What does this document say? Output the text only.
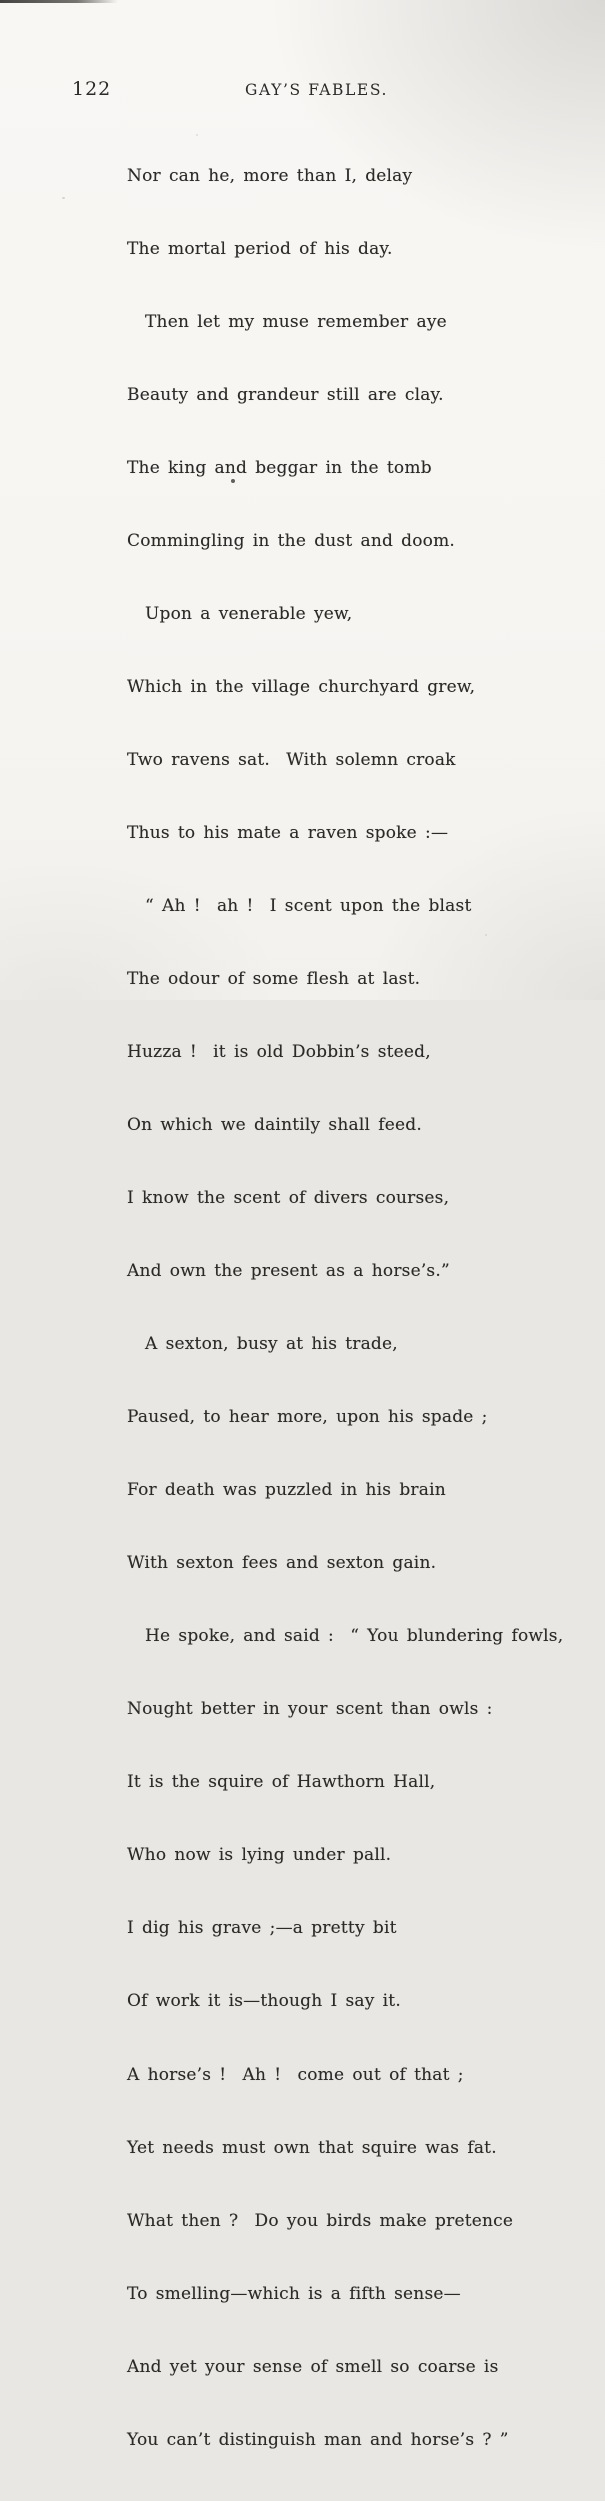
122	GAY’S FABLES.

Nor can he, more than I, delay

The mortal period of his day.

Then let my muse remember aye

Beauty and grandeur still are clay.

The king and beggar in the tomb

Commingling in the dust and doom.

Upon a venerable yew,

Which in the village churchyard grew,

Two ravens sat.  With solemn croak

Thus to his mate a raven spoke :—

“ Ah !  ah !  I scent upon the blast

The odour of some flesh at last.

Huzza !  it is old Dobbin’s steed,

On which we daintily shall feed.

I know the scent of divers courses,

And own the present as a horse’s.”

A sexton, busy at his trade,

Paused, to hear more, upon his spade ;

For death was puzzled in his brain

With sexton fees and sexton gain.

He spoke, and said :  “ You blundering fowls,

Nought better in your scent than owls :

It is the squire of Hawthorn Hall,

Who now is lying under pall.

I dig his grave ;—a pretty bit

Of work it is—though I say it.

A horse’s !  Ah !  come out of that ;

Yet needs must own that squire was fat.

What then ?  Do you birds make pretence

To smelling—which is a fifth sense—

And yet your sense of smell so coarse is

You can’t distinguish man and horse’s ? ”
